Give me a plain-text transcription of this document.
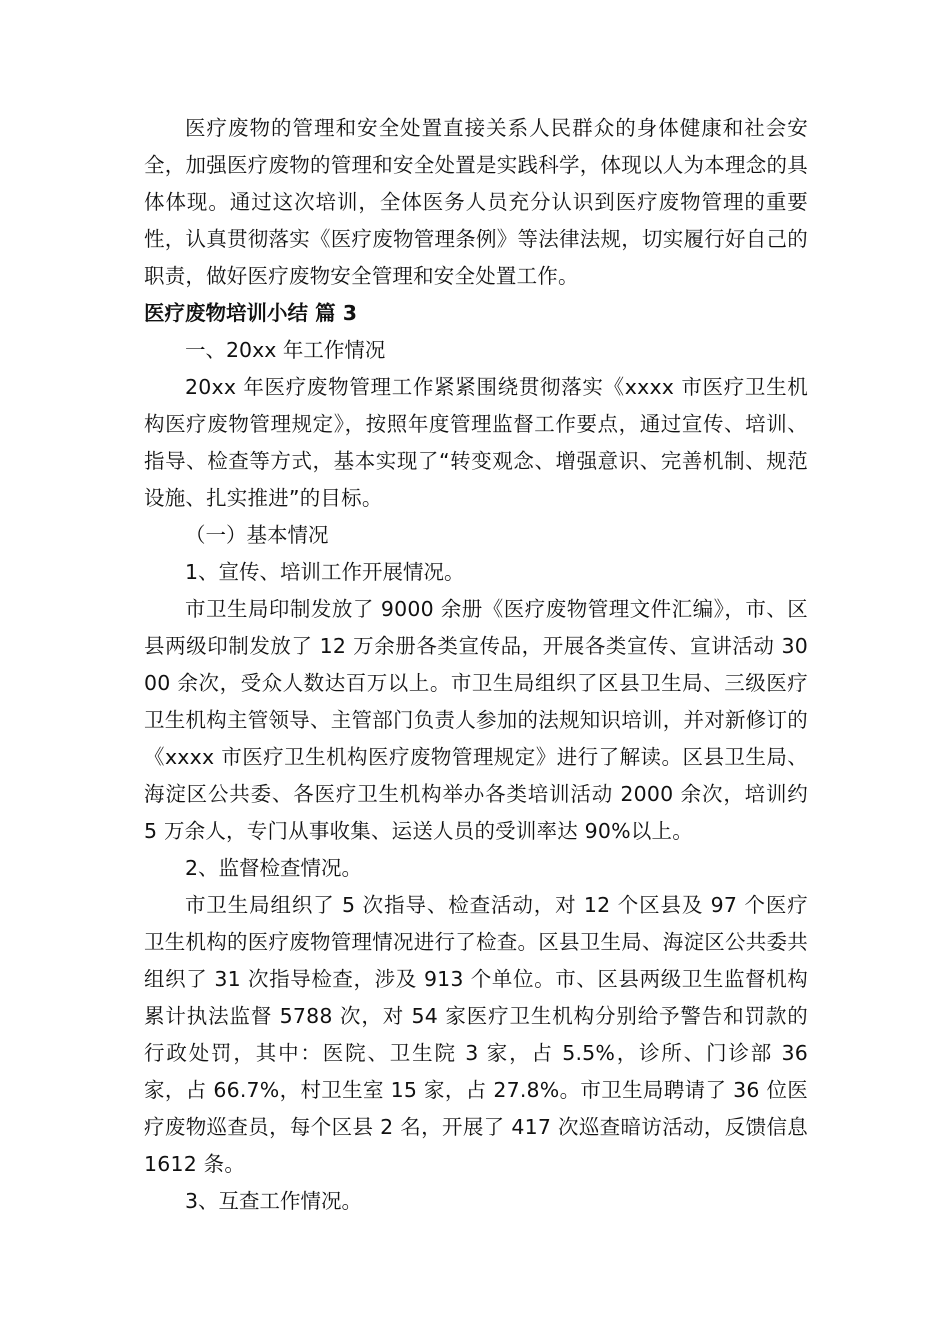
医疗废物的管理和安全处置直接关系人民群众的身体健康和社会安全，加强医疗废物的管理和安全处置是实践科学，体现以人为本理念的具体体现。通过这次培训，全体医务人员充分认识到医疗废物管理的重要性，认真贯彻落实《医疗废物管理条例》等法律法规，切实履行好自己的职责，做好医疗废物安全管理和安全处置工作。

医疗废物培训小结 篇 3

一、20xx 年工作情况

20xx 年医疗废物管理工作紧紧围绕贯彻落实《xxxx 市医疗卫生机构医疗废物管理规定》，按照年度管理监督工作要点，通过宣传、培训、指导、检查等方式，基本实现了“转变观念、增强意识、完善机制、规范设施、扎实推进”的目标。

（一）基本情况

1、宣传、培训工作开展情况。

市卫生局印制发放了 9000 余册《医疗废物管理文件汇编》，市、区县两级印制发放了 12 万余册各类宣传品，开展各类宣传、宣讲活动 3000 余次，受众人数达百万以上。市卫生局组织了区县卫生局、三级医疗卫生机构主管领导、主管部门负责人参加的法规知识培训，并对新修订的《xxxx 市医疗卫生机构医疗废物管理规定》进行了解读。区县卫生局、海淀区公共委、各医疗卫生机构举办各类培训活动 2000 余次，培训约 5 万余人，专门从事收集、运送人员的受训率达 90%以上。

2、监督检查情况。

市卫生局组织了 5 次指导、检查活动，对 12 个区县及 97 个医疗卫生机构的医疗废物管理情况进行了检查。区县卫生局、海淀区公共委共组织了 31 次指导检查，涉及 913 个单位。市、区县两级卫生监督机构累计执法监督 5788 次，对 54 家医疗卫生机构分别给予警告和罚款的行政处罚，其中：医院、卫生院 3 家，占 5.5%，诊所、门诊部 36 家，占 66.7%，村卫生室 15 家，占 27.8%。市卫生局聘请了 36 位医疗废物巡查员，每个区县 2 名，开展了 417 次巡查暗访活动，反馈信息 1612 条。

3、互查工作情况。
